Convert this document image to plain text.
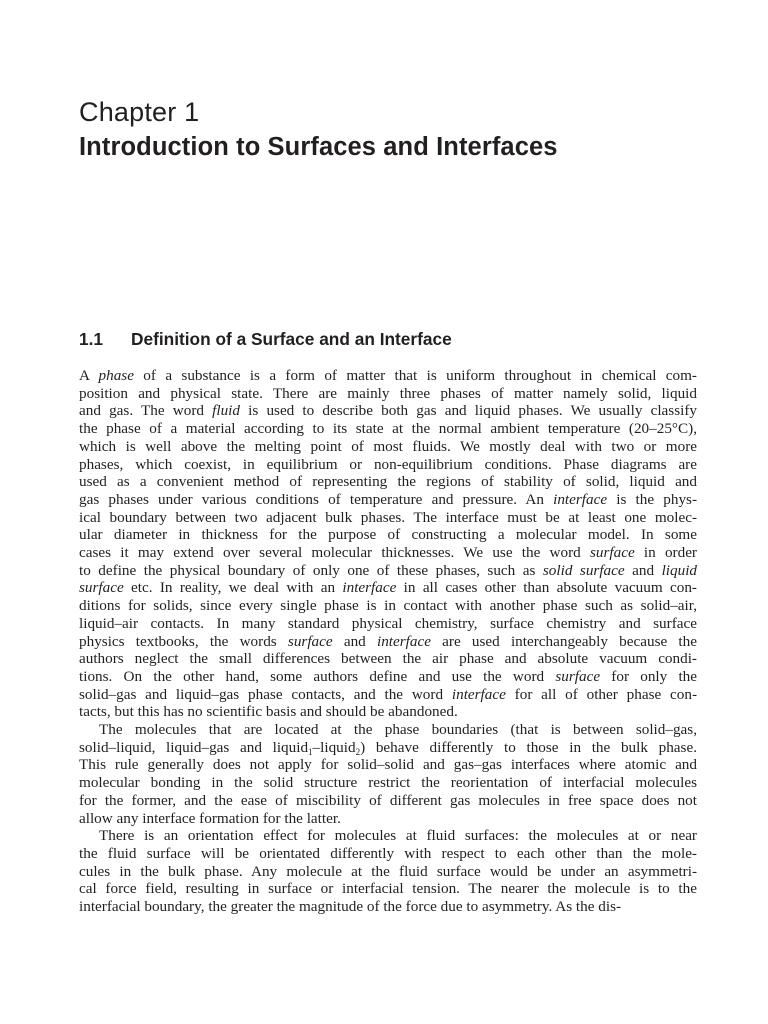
Chapter 1
Introduction to Surfaces and Interfaces
1.1 Definition of a Surface and an Interface
A phase of a substance is a form of matter that is uniform throughout in chemical com-
position and physical state. There are mainly three phases of matter namely solid, liquid
and gas. The word fluid is used to describe both gas and liquid phases. We usually classify
the phase of a material according to its state at the normal ambient temperature (20–25°C),
which is well above the melting point of most fluids. We mostly deal with two or more
phases, which coexist, in equilibrium or non-equilibrium conditions. Phase diagrams are
used as a convenient method of representing the regions of stability of solid, liquid and
gas phases under various conditions of temperature and pressure. An interface is the phys-
ical boundary between two adjacent bulk phases. The interface must be at least one molec-
ular diameter in thickness for the purpose of constructing a molecular model. In some
cases it may extend over several molecular thicknesses. We use the word surface in order
to define the physical boundary of only one of these phases, such as solid surface and liquid
surface etc. In reality, we deal with an interface in all cases other than absolute vacuum con-
ditions for solids, since every single phase is in contact with another phase such as solid–air,
liquid–air contacts. In many standard physical chemistry, surface chemistry and surface
physics textbooks, the words surface and interface are used interchangeably because the
authors neglect the small differences between the air phase and absolute vacuum condi-
tions. On the other hand, some authors define and use the word surface for only the
solid–gas and liquid–gas phase contacts, and the word interface for all of other phase con-
tacts, but this has no scientific basis and should be abandoned.
The molecules that are located at the phase boundaries (that is between solid–gas,
solid–liquid, liquid–gas and liquid$_1$–liquid$_2$) behave differently to those in the bulk phase.
This rule generally does not apply for solid–solid and gas–gas interfaces where atomic and
molecular bonding in the solid structure restrict the reorientation of interfacial molecules
for the former, and the ease of miscibility of different gas molecules in free space does not
allow any interface formation for the latter.
There is an orientation effect for molecules at fluid surfaces: the molecules at or near
the fluid surface will be orientated differently with respect to each other than the mole-
cules in the bulk phase. Any molecule at the fluid surface would be under an asymmetri-
cal force field, resulting in surface or interfacial tension. The nearer the molecule is to the
interfacial boundary, the greater the magnitude of the force due to asymmetry. As the dis-
